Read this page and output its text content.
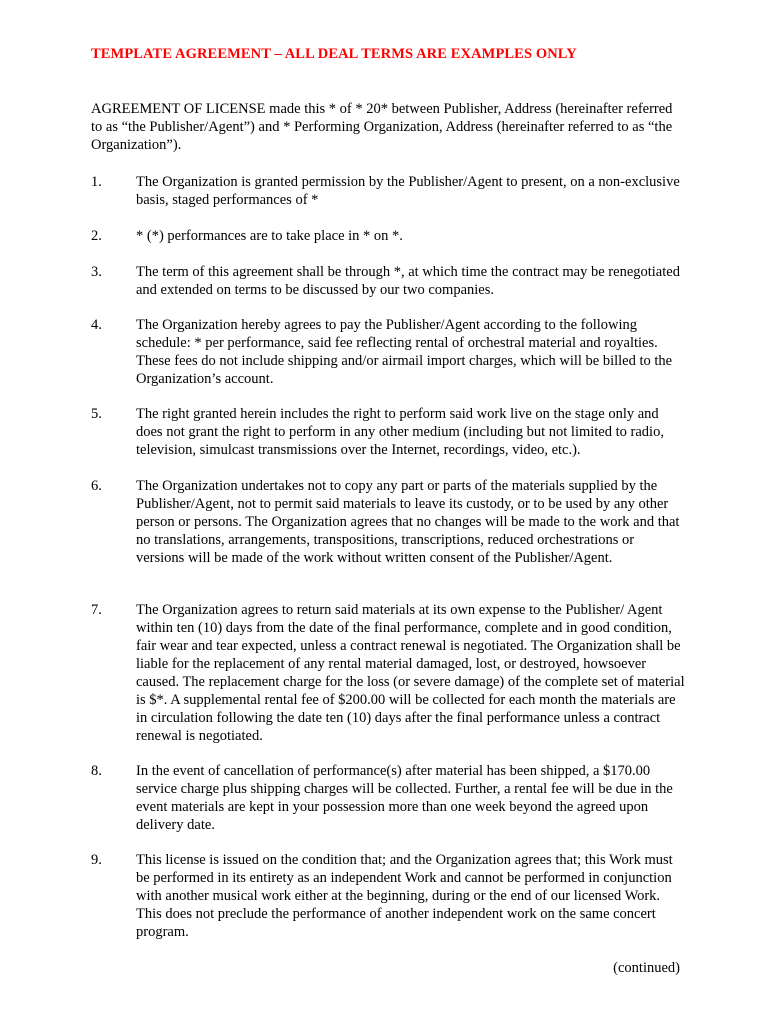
TEMPLATE AGREEMENT – ALL DEAL TERMS ARE EXAMPLES ONLY
AGREEMENT OF LICENSE made this * of * 20* between Publisher, Address (hereinafter referred to as “the Publisher/Agent”) and * Performing Organization, Address (hereinafter referred to as “the Organization”).
1.	The Organization is granted permission by the Publisher/Agent to present, on a non-exclusive basis, staged performances of *
2.	* (*) performances are to take place in * on *.
3.	The term of this agreement shall be through *, at which time the contract may be renegotiated and extended on terms to be discussed by our two companies.
4.	The Organization hereby agrees to pay the Publisher/Agent according to the following schedule: * per performance, said fee reflecting rental of orchestral material and royalties. These fees do not include shipping and/or airmail import charges, which will be billed to the Organization’s account.
5.	The right granted herein includes the right to perform said work live on the stage only and does not grant the right to perform in any other medium (including but not limited to radio, television, simulcast transmissions over the Internet, recordings, video, etc.).
6.	The Organization undertakes not to copy any part or parts of the materials supplied by the Publisher/Agent, not to permit said materials to leave its custody, or to be used by any other person or persons. The Organization agrees that no changes will be made to the work and that no translations, arrangements, transpositions, transcriptions, reduced orchestrations or versions will be made of the work without written consent of the Publisher/Agent.
7.	The Organization agrees to return said materials at its own expense to the Publisher/ Agent within ten (10) days from the date of the final performance, complete and in good condition, fair wear and tear expected, unless a contract renewal is negotiated. The Organization shall be liable for the replacement of any rental material damaged, lost, or destroyed, howsoever caused. The replacement charge for the loss (or severe damage) of the complete set of material is $*. A supplemental rental fee of $200.00 will be collected for each month the materials are in circulation following the date ten (10) days after the final performance unless a contract renewal is negotiated.
8.	In the event of cancellation of performance(s) after material has been shipped, a $170.00 service charge plus shipping charges will be collected. Further, a rental fee will be due in the event materials are kept in your possession more than one week beyond the agreed upon delivery date.
9.	This license is issued on the condition that; and the Organization agrees that; this Work must be performed in its entirety as an independent Work and cannot be performed in conjunction with another musical work either at the beginning, during or the end of our licensed Work. This does not preclude the performance of another independent work on the same concert program.
(continued)
